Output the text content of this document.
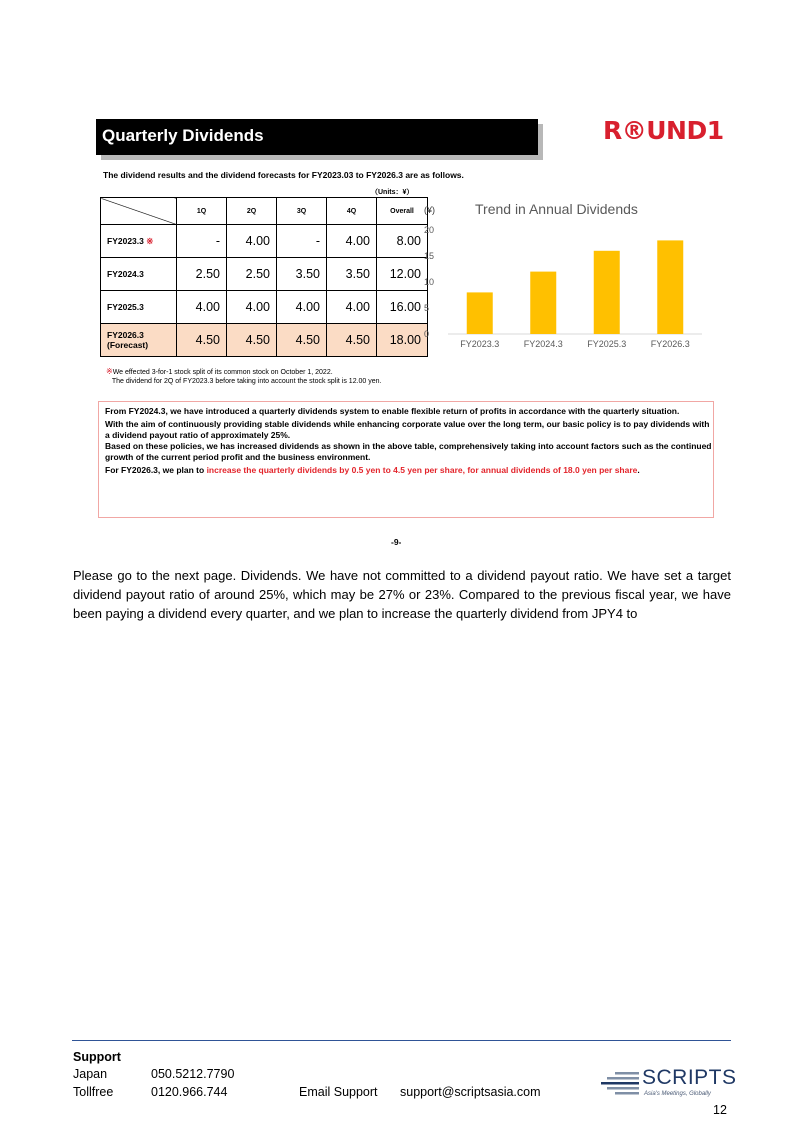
Quarterly Dividends	R®UND1
The dividend results and the dividend forecasts for FY2023.03 to FY2026.3 are as follows.
（Units：¥）
	1Q	2Q	3Q	4Q	Overall
FY2023.3 ※	-	4.00	-	4.00	8.00
FY2024.3	2.50	2.50	3.50	3.50	12.00
FY2025.3	4.00	4.00	4.00	4.00	16.00
FY2026.3
(Forecast)	4.50	4.50	4.50	4.50	18.00
※We effected 3-for-1 stock split of its common stock on October 1, 2022.
The dividend for 2Q of FY2023.3 before taking into account the stock split is 12.00 yen.
(¥)	Trend in Annual Dividends
0
5
10
15
20
FY2023.3	FY2024.3	FY2025.3	FY2026.3

From FY2024.3, we have introduced a quarterly dividends system to enable flexible return of profits in accordance with the quarterly situation.

With the aim of continuously providing stable dividends while enhancing corporate value over the long term, our basic policy is to pay dividends with a dividend payout ratio of approximately 25%.

Based on these policies, we has increased dividends as shown in the above table, comprehensively taking into account factors such as the continued growth of the current period profit and the business environment.

For FY2026.3, we plan to increase the quarterly dividends by 0.5 yen to 4.5 yen per share, for annual dividends of 18.0 yen per share.

-9-
Please go to the next page. Dividends. We have not committed to a dividend payout ratio. We have set a target dividend payout ratio of around 25%, which may be 27% or 23%. Compared to the previous fiscal year, we have been paying a dividend every quarter, and we plan to increase the quarterly dividend from JPY4 to
Support
Japan	050.5212.7790
Tollfree	0120.966.744	Email Support support@scriptsasia.com
SCRIPTS
Asia's Meetings, Globally
12
